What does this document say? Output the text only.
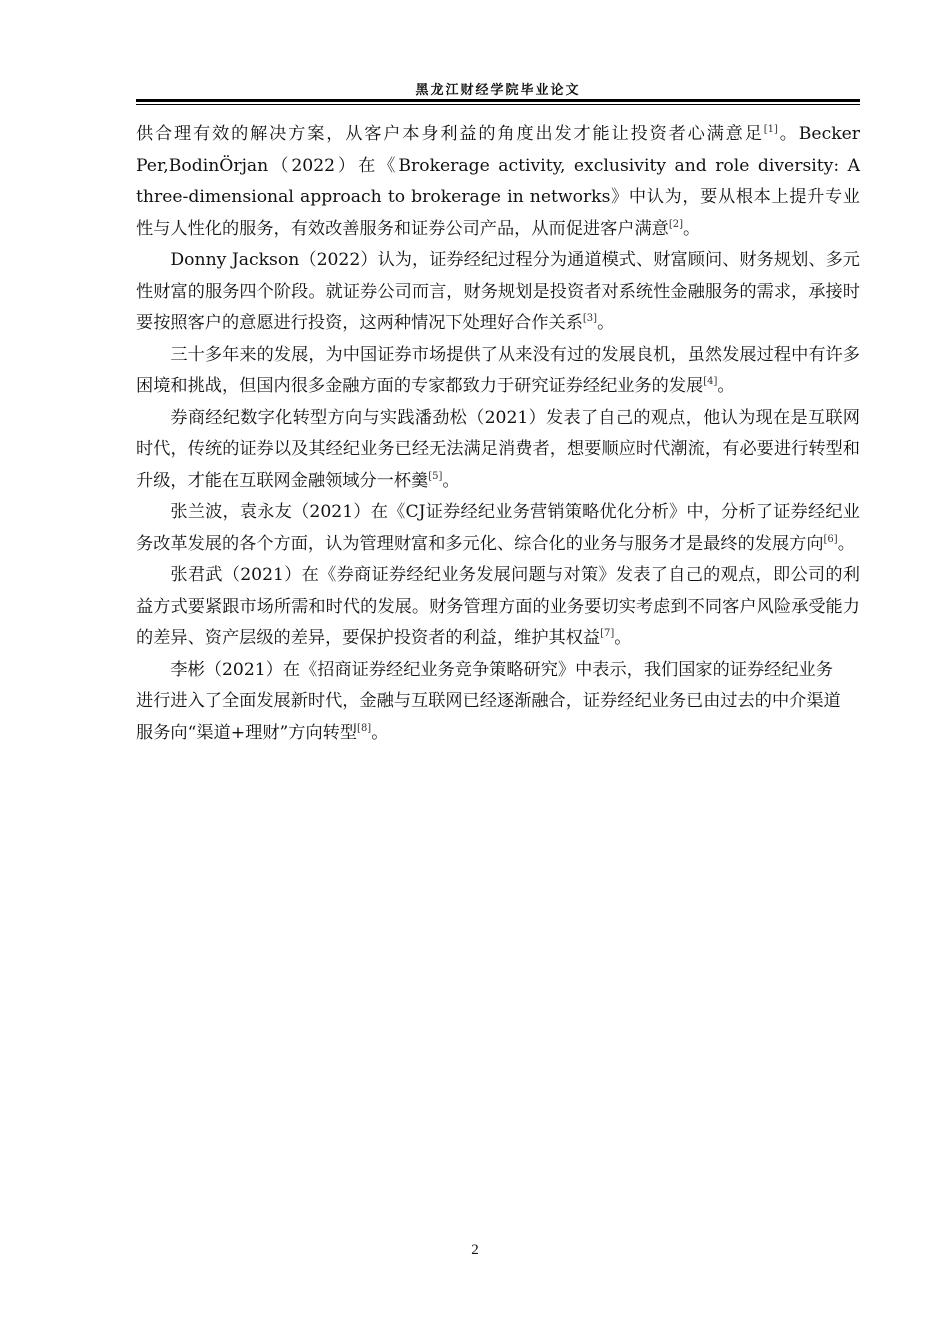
黑龙江财经学院毕业论文

供合理有效的解决方案，从客户本身利益的角度出发才能让投资者心满意足[1]。Becker Per,BodinÖrjan（2022）在《Brokerage activity, exclusivity and role diversity: A three-dimensional approach to brokerage in networks》中认为，要从根本上提升专业性与人性化的服务，有效改善服务和证券公司产品，从而促进客户满意[2]。

Donny Jackson（2022）认为，证券经纪过程分为通道模式、财富顾问、财务规划、多元性财富的服务四个阶段。就证券公司而言，财务规划是投资者对系统性金融服务的需求，承接时要按照客户的意愿进行投资，这两种情况下处理好合作关系[3]。

三十多年来的发展，为中国证券市场提供了从来没有过的发展良机，虽然发展过程中有许多困境和挑战，但国内很多金融方面的专家都致力于研究证券经纪业务的发展[4]。

券商经纪数字化转型方向与实践潘劲松（2021）发表了自己的观点，他认为现在是互联网时代，传统的证券以及其经纪业务已经无法满足消费者，想要顺应时代潮流，有必要进行转型和升级，才能在互联网金融领域分一杯羹[5]。

张兰波，袁永友（2021）在《CJ证券经纪业务营销策略优化分析》中，分析了证券经纪业务改革发展的各个方面，认为管理财富和多元化、综合化的业务与服务才是最终的发展方向[6]。

张君武（2021）在《券商证券经纪业务发展问题与对策》发表了自己的观点，即公司的利益方式要紧跟市场所需和时代的发展。财务管理方面的业务要切实考虑到不同客户风险承受能力的差异、资产层级的差异，要保护投资者的利益，维护其权益[7]。

李彬（2021）在《招商证券经纪业务竞争策略研究》中表示，我们国家的证券经纪业务进行进入了全面发展新时代，金融与互联网已经逐渐融合，证券经纪业务已由过去的中介渠道服务向“渠道+理财”方向转型[8]。

2
